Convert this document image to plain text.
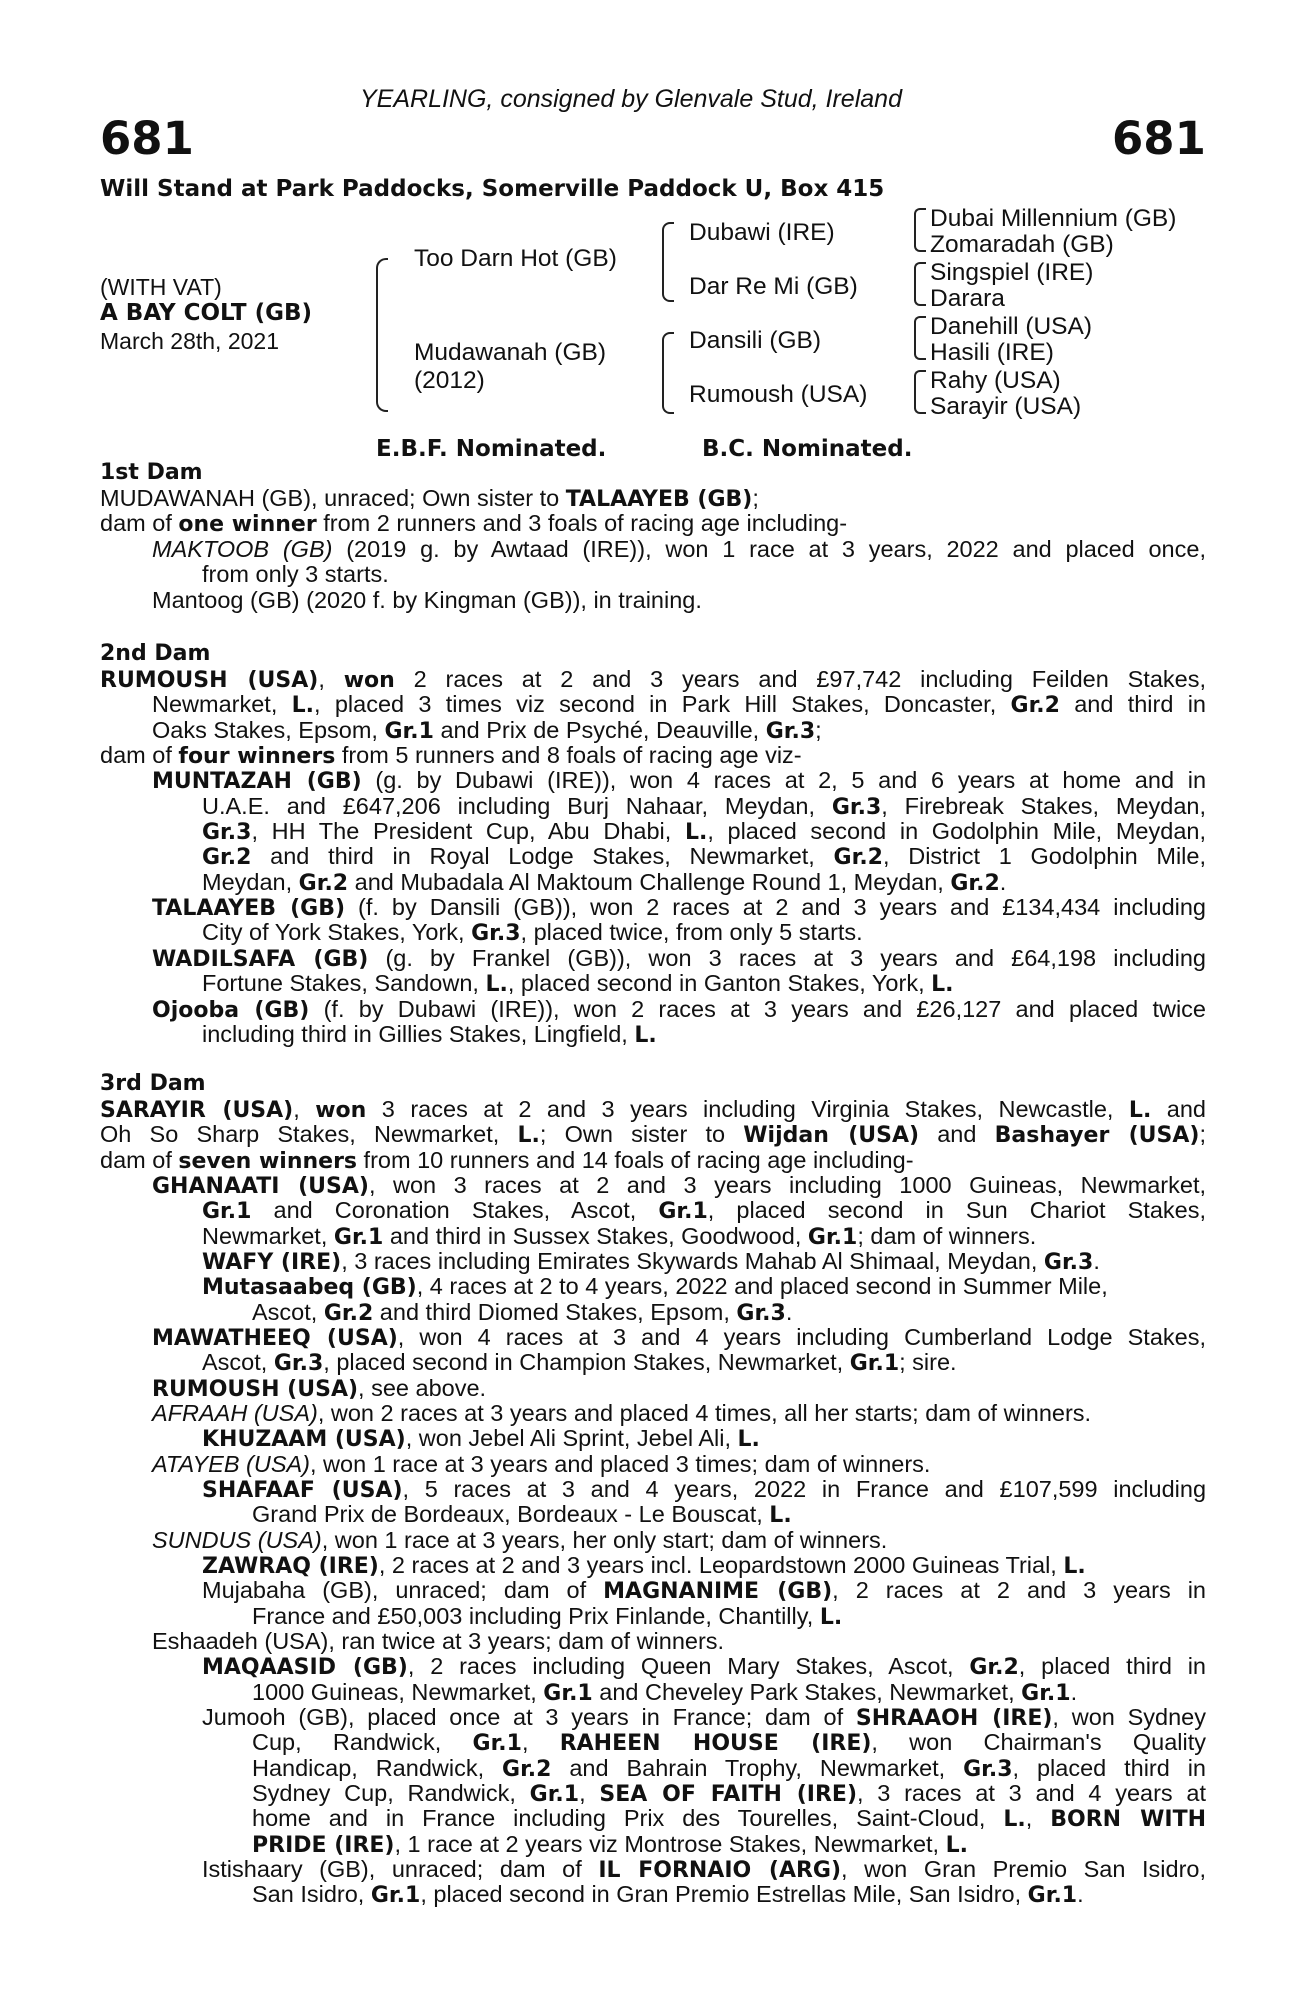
YEARLING, consigned by Glenvale Stud, Ireland
681	681
Will Stand at Park Paddocks, Somerville Paddock U, Box 415
(WITH VAT)
A BAY COLT (GB)
March 28th, 2021
Too Darn Hot (GB)
Mudawanah (GB)
(2012)
Dubawi (IRE)
Dar Re Mi (GB)
Dansili (GB)
Rumoush (USA)
Dubai Millennium (GB)
Zomaradah (GB)
Singspiel (IRE)
Darara
Danehill (USA)
Hasili (IRE)
Rahy (USA)
Sarayir (USA)
E.B.F. Nominated.	B.C. Nominated.
1st Dam
2nd Dam
3rd Dam
MUDAWANAH (GB), unraced; Own sister to TALAAYEB (GB);
dam of one winner from 2 runners and 3 foals of racing age including-
MAKTOOB (GB) (2019 g. by Awtaad (IRE)), won 1 race at 3 years, 2022 and placed once,
from only 3 starts.
Mantoog (GB) (2020 f. by Kingman (GB)), in training.
RUMOUSH (USA), won 2 races at 2 and 3 years and £97,742 including Feilden Stakes,
Newmarket, L., placed 3 times viz second in Park Hill Stakes, Doncaster, Gr.2 and third in
Oaks Stakes, Epsom, Gr.1 and Prix de Psyché, Deauville, Gr.3;
dam of four winners from 5 runners and 8 foals of racing age viz-
MUNTAZAH (GB) (g. by Dubawi (IRE)), won 4 races at 2, 5 and 6 years at home and in
U.A.E. and £647,206 including Burj Nahaar, Meydan, Gr.3, Firebreak Stakes, Meydan,
Gr.3, HH The President Cup, Abu Dhabi, L., placed second in Godolphin Mile, Meydan,
Gr.2 and third in Royal Lodge Stakes, Newmarket, Gr.2, District 1 Godolphin Mile,
Meydan, Gr.2 and Mubadala Al Maktoum Challenge Round 1, Meydan, Gr.2.
TALAAYEB (GB) (f. by Dansili (GB)), won 2 races at 2 and 3 years and £134,434 including
City of York Stakes, York, Gr.3, placed twice, from only 5 starts.
WADILSAFA (GB) (g. by Frankel (GB)), won 3 races at 3 years and £64,198 including
Fortune Stakes, Sandown, L., placed second in Ganton Stakes, York, L.
Ojooba (GB) (f. by Dubawi (IRE)), won 2 races at 3 years and £26,127 and placed twice
including third in Gillies Stakes, Lingfield, L.
SARAYIR (USA), won 3 races at 2 and 3 years including Virginia Stakes, Newcastle, L. and
Oh So Sharp Stakes, Newmarket, L.; Own sister to Wijdan (USA) and Bashayer (USA);
dam of seven winners from 10 runners and 14 foals of racing age including-
GHANAATI (USA), won 3 races at 2 and 3 years including 1000 Guineas, Newmarket,
Gr.1 and Coronation Stakes, Ascot, Gr.1, placed second in Sun Chariot Stakes,
Newmarket, Gr.1 and third in Sussex Stakes, Goodwood, Gr.1; dam of winners.
WAFY (IRE), 3 races including Emirates Skywards Mahab Al Shimaal, Meydan, Gr.3.
Mutasaabeq (GB), 4 races at 2 to 4 years, 2022 and placed second in Summer Mile,
Ascot, Gr.2 and third Diomed Stakes, Epsom, Gr.3.
MAWATHEEQ (USA), won 4 races at 3 and 4 years including Cumberland Lodge Stakes,
Ascot, Gr.3, placed second in Champion Stakes, Newmarket, Gr.1; sire.
RUMOUSH (USA), see above.
AFRAAH (USA), won 2 races at 3 years and placed 4 times, all her starts; dam of winners.
KHUZAAM (USA), won Jebel Ali Sprint, Jebel Ali, L.
ATAYEB (USA), won 1 race at 3 years and placed 3 times; dam of winners.
SHAFAAF (USA), 5 races at 3 and 4 years, 2022 in France and £107,599 including
Grand Prix de Bordeaux, Bordeaux - Le Bouscat, L.
SUNDUS (USA), won 1 race at 3 years, her only start; dam of winners.
ZAWRAQ (IRE), 2 races at 2 and 3 years incl. Leopardstown 2000 Guineas Trial, L.
Mujabaha (GB), unraced; dam of MAGNANIME (GB), 2 races at 2 and 3 years in
France and £50,003 including Prix Finlande, Chantilly, L.
Eshaadeh (USA), ran twice at 3 years; dam of winners.
MAQAASID (GB), 2 races including Queen Mary Stakes, Ascot, Gr.2, placed third in
1000 Guineas, Newmarket, Gr.1 and Cheveley Park Stakes, Newmarket, Gr.1.
Jumooh (GB), placed once at 3 years in France; dam of SHRAAOH (IRE), won Sydney
Cup, Randwick, Gr.1, RAHEEN HOUSE (IRE), won Chairman's Quality
Handicap, Randwick, Gr.2 and Bahrain Trophy, Newmarket, Gr.3, placed third in
Sydney Cup, Randwick, Gr.1, SEA OF FAITH (IRE), 3 races at 3 and 4 years at
home and in France including Prix des Tourelles, Saint-Cloud, L., BORN WITH
PRIDE (IRE), 1 race at 2 years viz Montrose Stakes, Newmarket, L.
Istishaary (GB), unraced; dam of IL FORNAIO (ARG), won Gran Premio San Isidro,
San Isidro, Gr.1, placed second in Gran Premio Estrellas Mile, San Isidro, Gr.1.
